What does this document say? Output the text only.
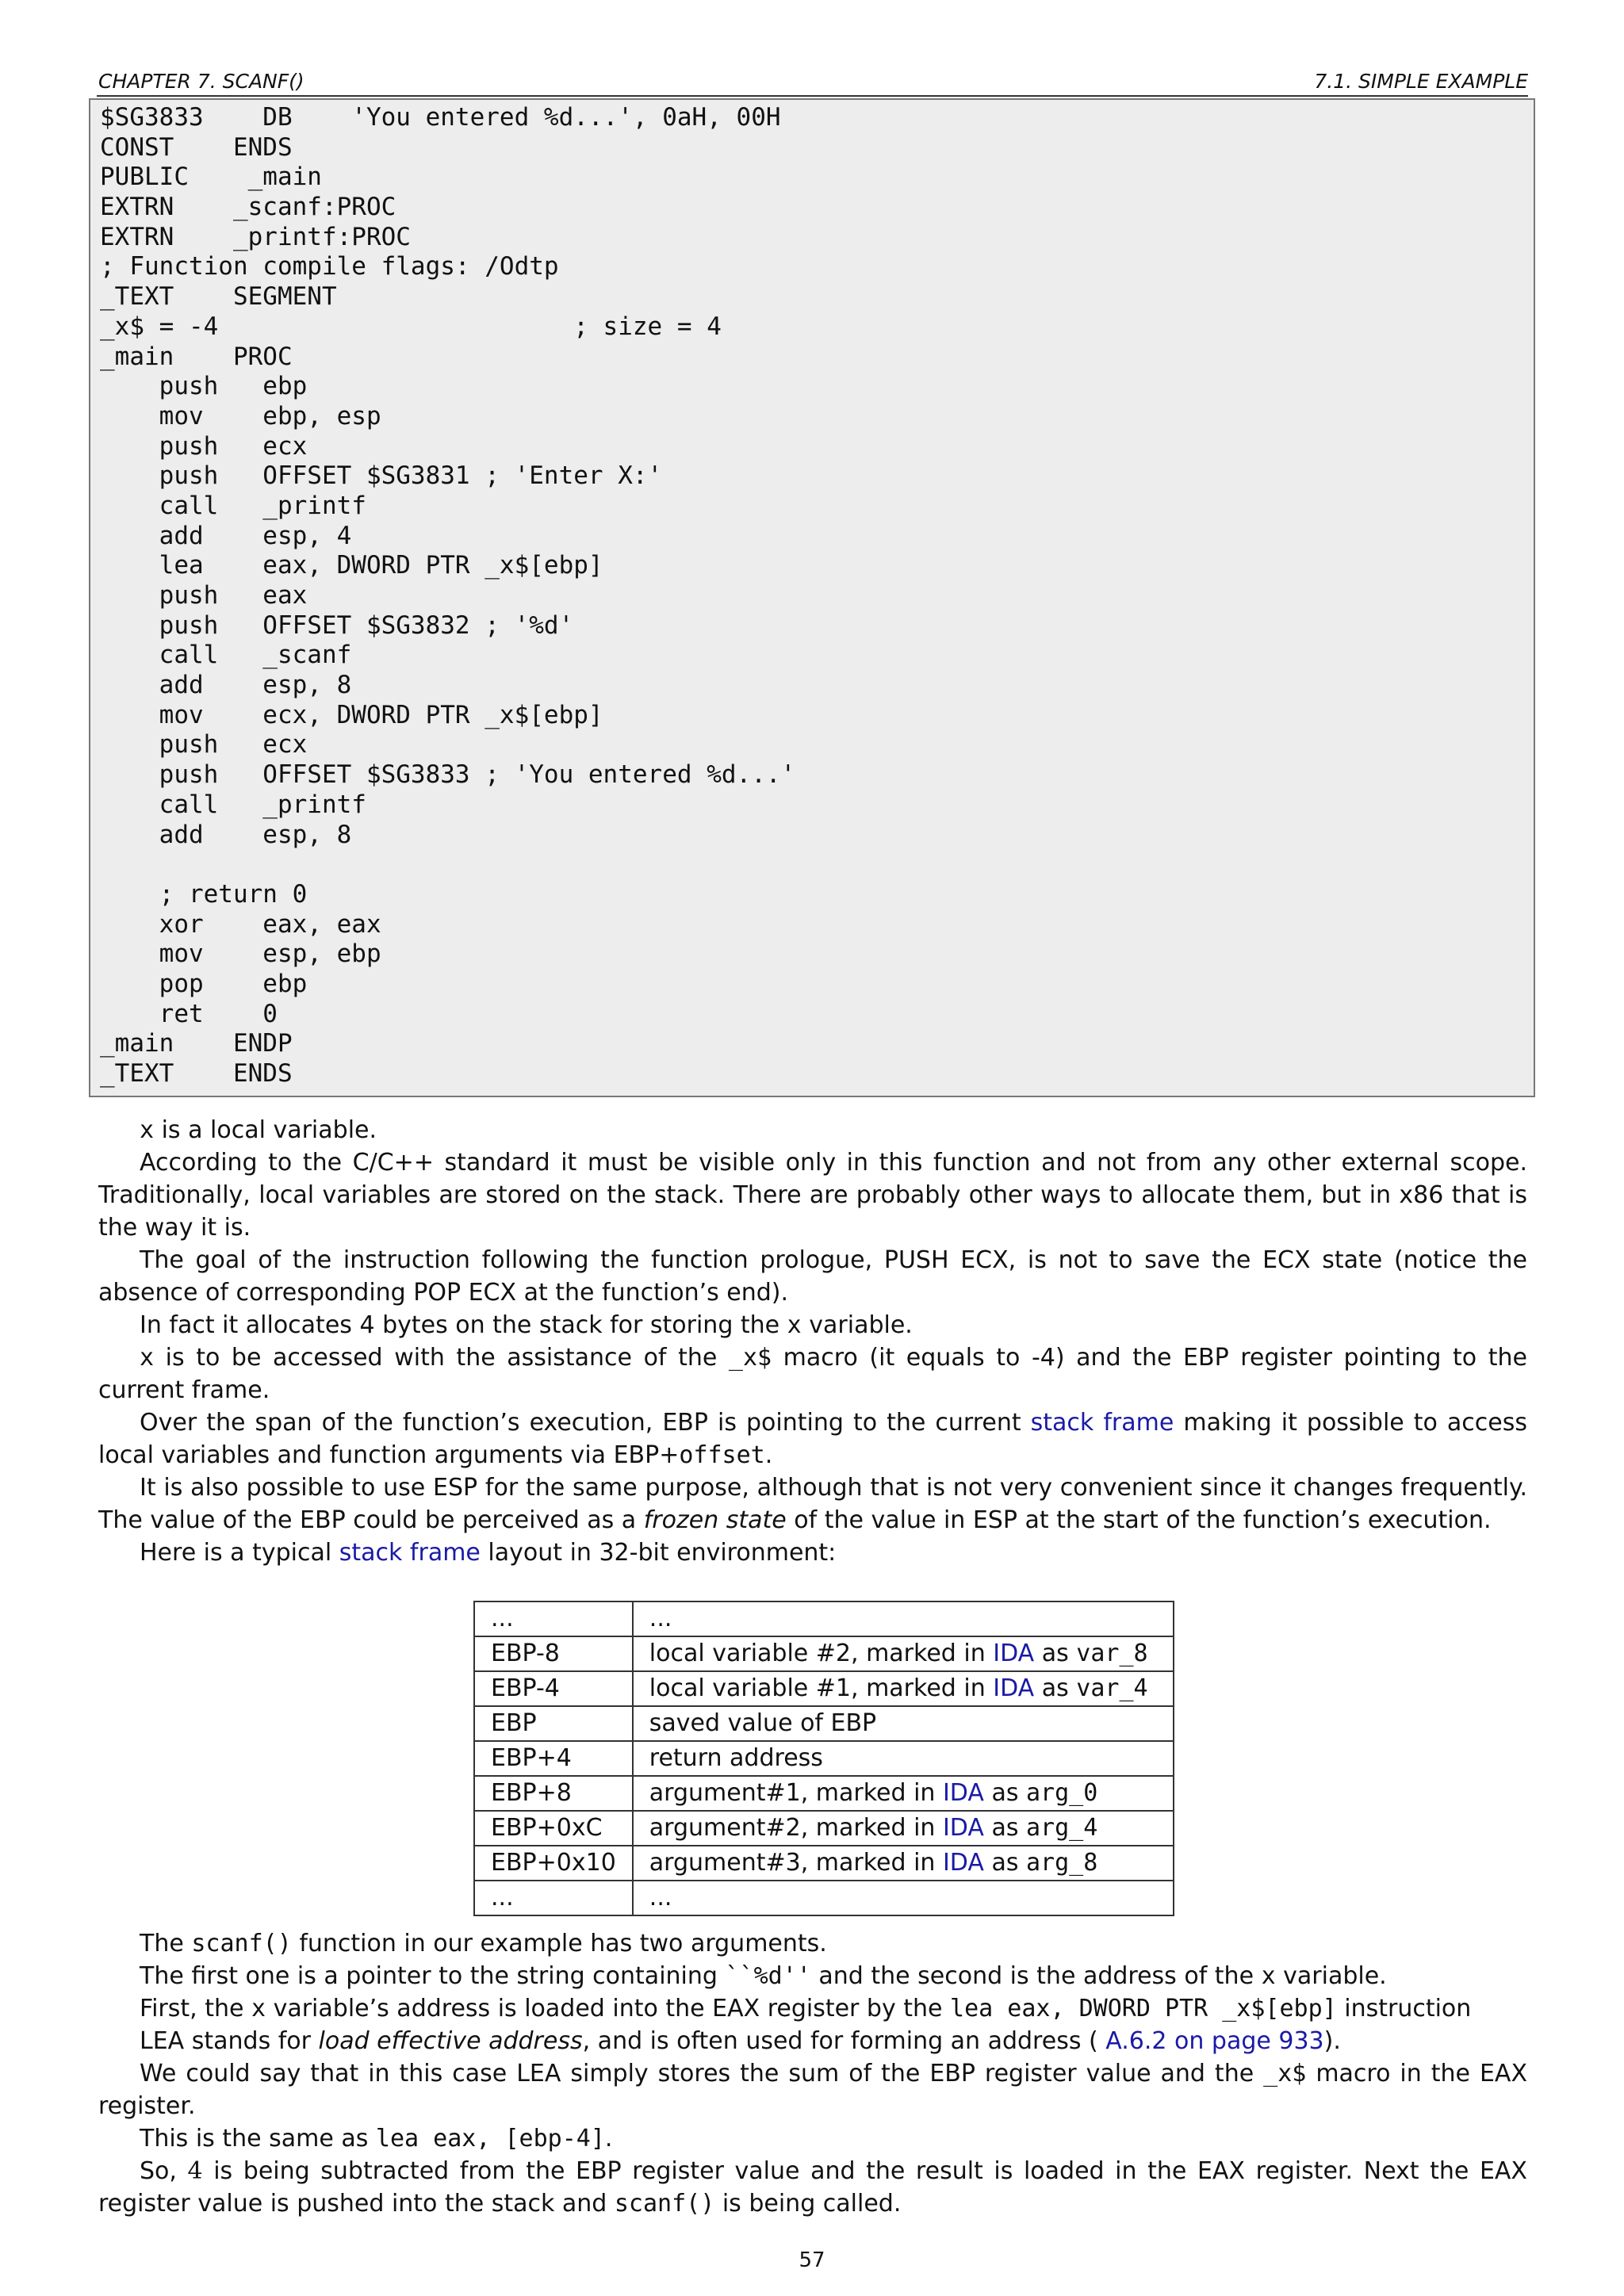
CHAPTER 7. SCANF()	7.1. SIMPLE EXAMPLE
$SG3833    DB    'You entered %d...', 0aH, 00H
CONST    ENDS
PUBLIC    _main
EXTRN    _scanf:PROC
EXTRN    _printf:PROC
; Function compile flags: /Odtp
_TEXT    SEGMENT
_x$ = -4                        ; size = 4
_main    PROC
push   ebp
mov    ebp, esp
push   ecx
push   OFFSET $SG3831 ; 'Enter X:'
call   _printf
add    esp, 4
lea    eax, DWORD PTR _x$[ebp]
push   eax
push   OFFSET $SG3832 ; '%d'
call   _scanf
add    esp, 8
mov    ecx, DWORD PTR _x$[ebp]
push   ecx
push   OFFSET $SG3833 ; 'You entered %d...'
call   _printf
add    esp, 8
; return 0
xor    eax, eax
mov    esp, ebp
pop    ebp
ret    0
_main    ENDP
_TEXT    ENDS

x is a local variable.

According to the C/C++ standard it must be visible only in this function and not from any other external scope. Traditionally, local variables are stored on the stack. There are probably other ways to allocate them, but in x86 that is the way it is.

The goal of the instruction following the function prologue, PUSH ECX, is not to save the ECX state (notice the absence of corresponding POP ECX at the function’s end).

In fact it allocates 4 bytes on the stack for storing the x variable.

x is to be accessed with the assistance of the _x$ macro (it equals to -4) and the EBP register pointing to the current frame.

Over the span of the function’s execution, EBP is pointing to the current stack frame making it possible to access local variables and function arguments via EBP+offset.

It is also possible to use ESP for the same purpose, although that is not very convenient since it changes frequently. The value of the EBP could be perceived as a frozen state of the value in ESP at the start of the function’s execution.

Here is a typical stack frame layout in 32-bit environment:

...	...
EBP-8	local variable #2, marked in IDA as var_8
EBP-4	local variable #1, marked in IDA as var_4
EBP	saved value of EBP
EBP+4	return address
EBP+8	argument#1, marked in IDA as arg_0
EBP+0xC	argument#2, marked in IDA as arg_4
EBP+0x10	argument#3, marked in IDA as arg_8
...	...

The scanf() function in our example has two arguments.

The first one is a pointer to the string containing ``%d'' and the second is the address of the x variable.

First, the x variable’s address is loaded into the EAX register by the lea eax, DWORD PTR _x$[ebp] instruction

LEA stands for load effective address, and is often used for forming an address ( A.6.2 on page 933).

We could say that in this case LEA simply stores the sum of the EBP register value and the _x$ macro in the EAX register.

This is the same as lea eax, [ebp-4].

So, 4 is being subtracted from the EBP register value and the result is loaded in the EAX register. Next the EAX register value is pushed into the stack and scanf() is being called.

57
